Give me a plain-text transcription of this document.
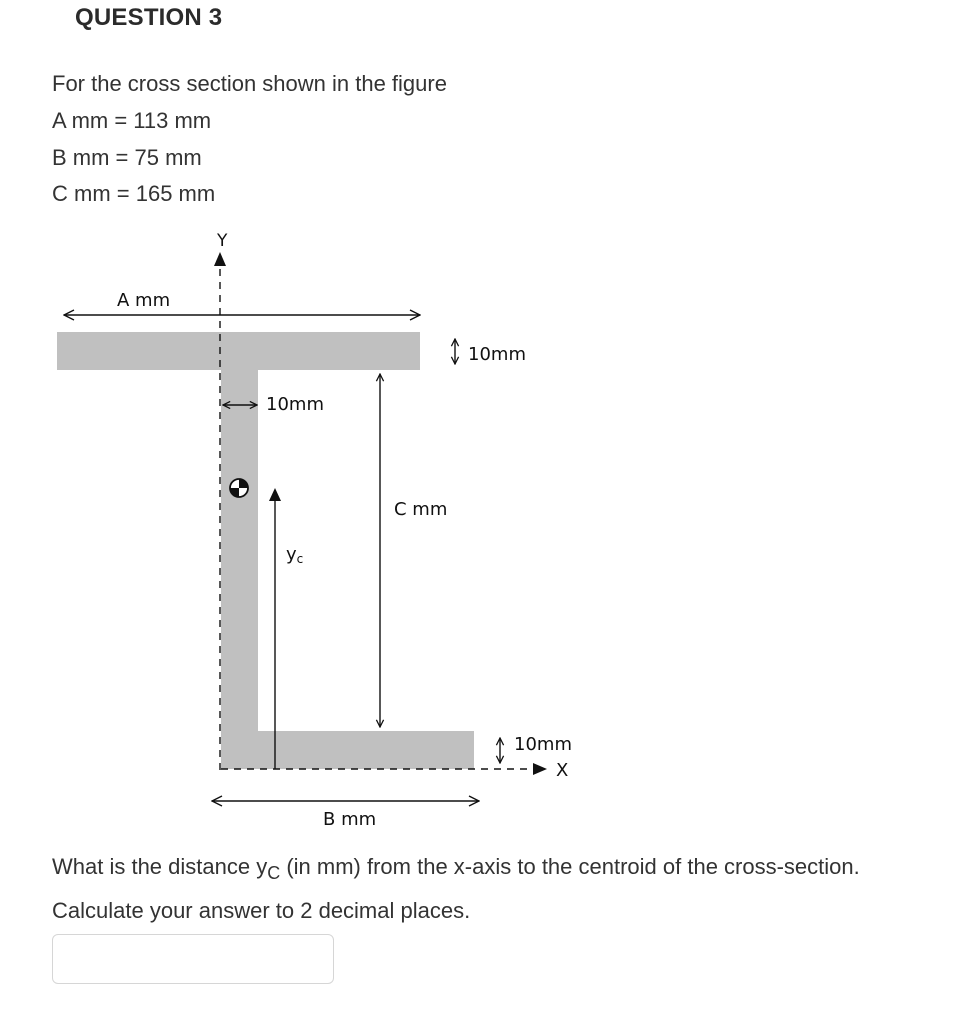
QUESTION 3
For the cross section shown in the figure
A mm = 113 mm
B mm = 75 mm
C mm = 165 mm
Y
X
A mm
10mm
10mm
yc
C mm
10mm
B mm
What is the distance $y_C$ (in mm) from the x-axis to the centroid of the cross-section.
Calculate your answer to 2 decimal places.
